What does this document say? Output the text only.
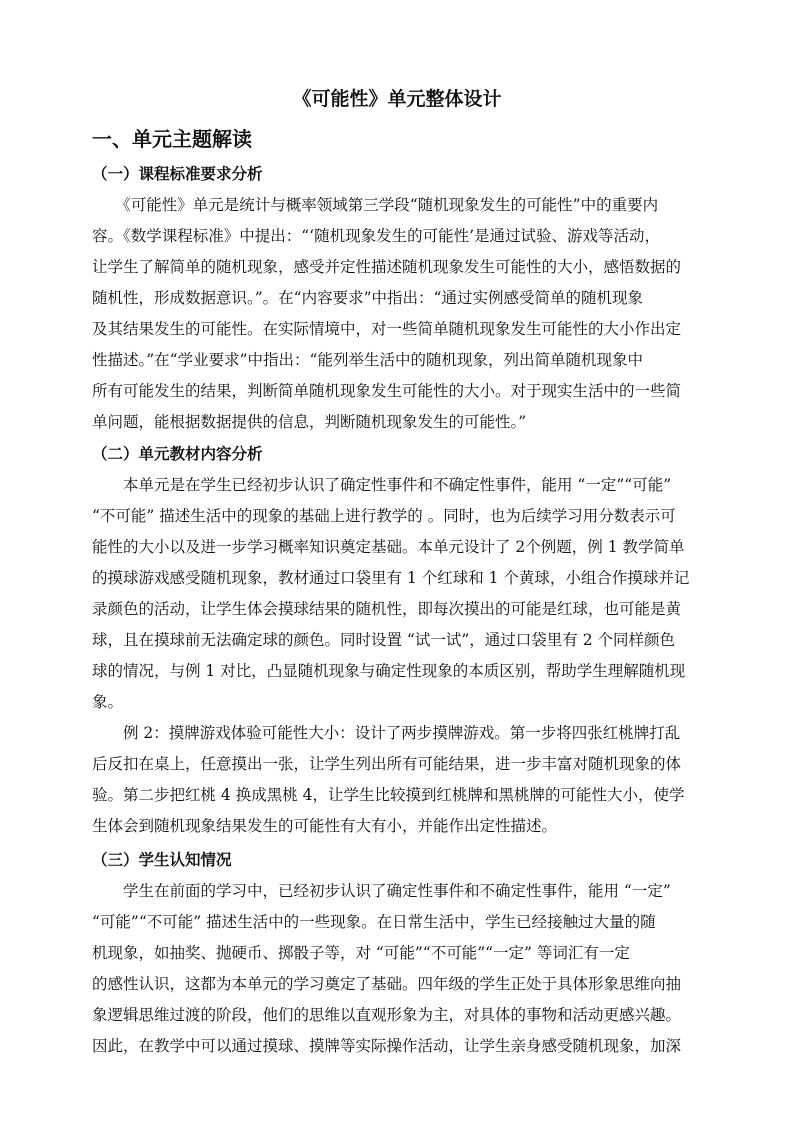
《可能性》单元整体设计
一、单元主题解读
（一）课程标准要求分析
　　《可能性》单元是统计与概率领域第三学段“随机现象发生的可能性”中的重要内
容。《数学课程标准》中提出：“‘随机现象发生的可能性’是通过试验、游戏等活动，
让学生了解简单的随机现象，感受并定性描述随机现象发生可能性的大小，感悟数据的
随机性，形成数据意识。”。在“内容要求”中指出：“通过实例感受简单的随机现象
及其结果发生的可能性。在实际情境中，对一些简单随机现象发生可能性的大小作出定
性描述。”在“学业要求”中指出：“能列举生活中的随机现象，列出简单随机现象中
所有可能发生的结果，判断简单随机现象发生可能性的大小。对于现实生活中的一些简
单问题，能根据数据提供的信息，判断随机现象发生的可能性。”
（二）单元教材内容分析
　　本单元是在学生已经初步认识了确定性事件和不确定性事件，能用 “一定”“可能”
“不可能” 描述生活中的现象的基础上进行教学的 。同时，也为后续学习用分数表示可
能性的大小以及进一步学习概率知识奠定基础。本单元设计了 2个例题，例 1 教学简单
的摸球游戏感受随机现象，教材通过口袋里有 1 个红球和 1 个黄球，小组合作摸球并记
录颜色的活动，让学生体会摸球结果的随机性，即每次摸出的可能是红球，也可能是黄
球，且在摸球前无法确定球的颜色。同时设置 “试一试”，通过口袋里有 2 个同样颜色
球的情况，与例 1 对比，凸显随机现象与确定性现象的本质区别，帮助学生理解随机现
象。
　　例 2：摸牌游戏体验可能性大小：设计了两步摸牌游戏。第一步将四张红桃牌打乱
后反扣在桌上，任意摸出一张，让学生列出所有可能结果，进一步丰富对随机现象的体
验。第二步把红桃 4 换成黑桃 4，让学生比较摸到红桃牌和黑桃牌的可能性大小，使学
生体会到随机现象结果发生的可能性有大有小，并能作出定性描述。
（三）学生认知情况
　　学生在前面的学习中，已经初步认识了确定性事件和不确定性事件，能用 “一定”
“可能”“不可能” 描述生活中的一些现象。在日常生活中，学生已经接触过大量的随
机现象，如抽奖、抛硬币、掷骰子等，对 “可能”“不可能”“一定” 等词汇有一定
的感性认识，这都为本单元的学习奠定了基础。四年级的学生正处于具体形象思维向抽
象逻辑思维过渡的阶段，他们的思维以直观形象为主，对具体的事物和活动更感兴趣。
因此，在教学中可以通过摸球、摸牌等实际操作活动，让学生亲身感受随机现象，加深
